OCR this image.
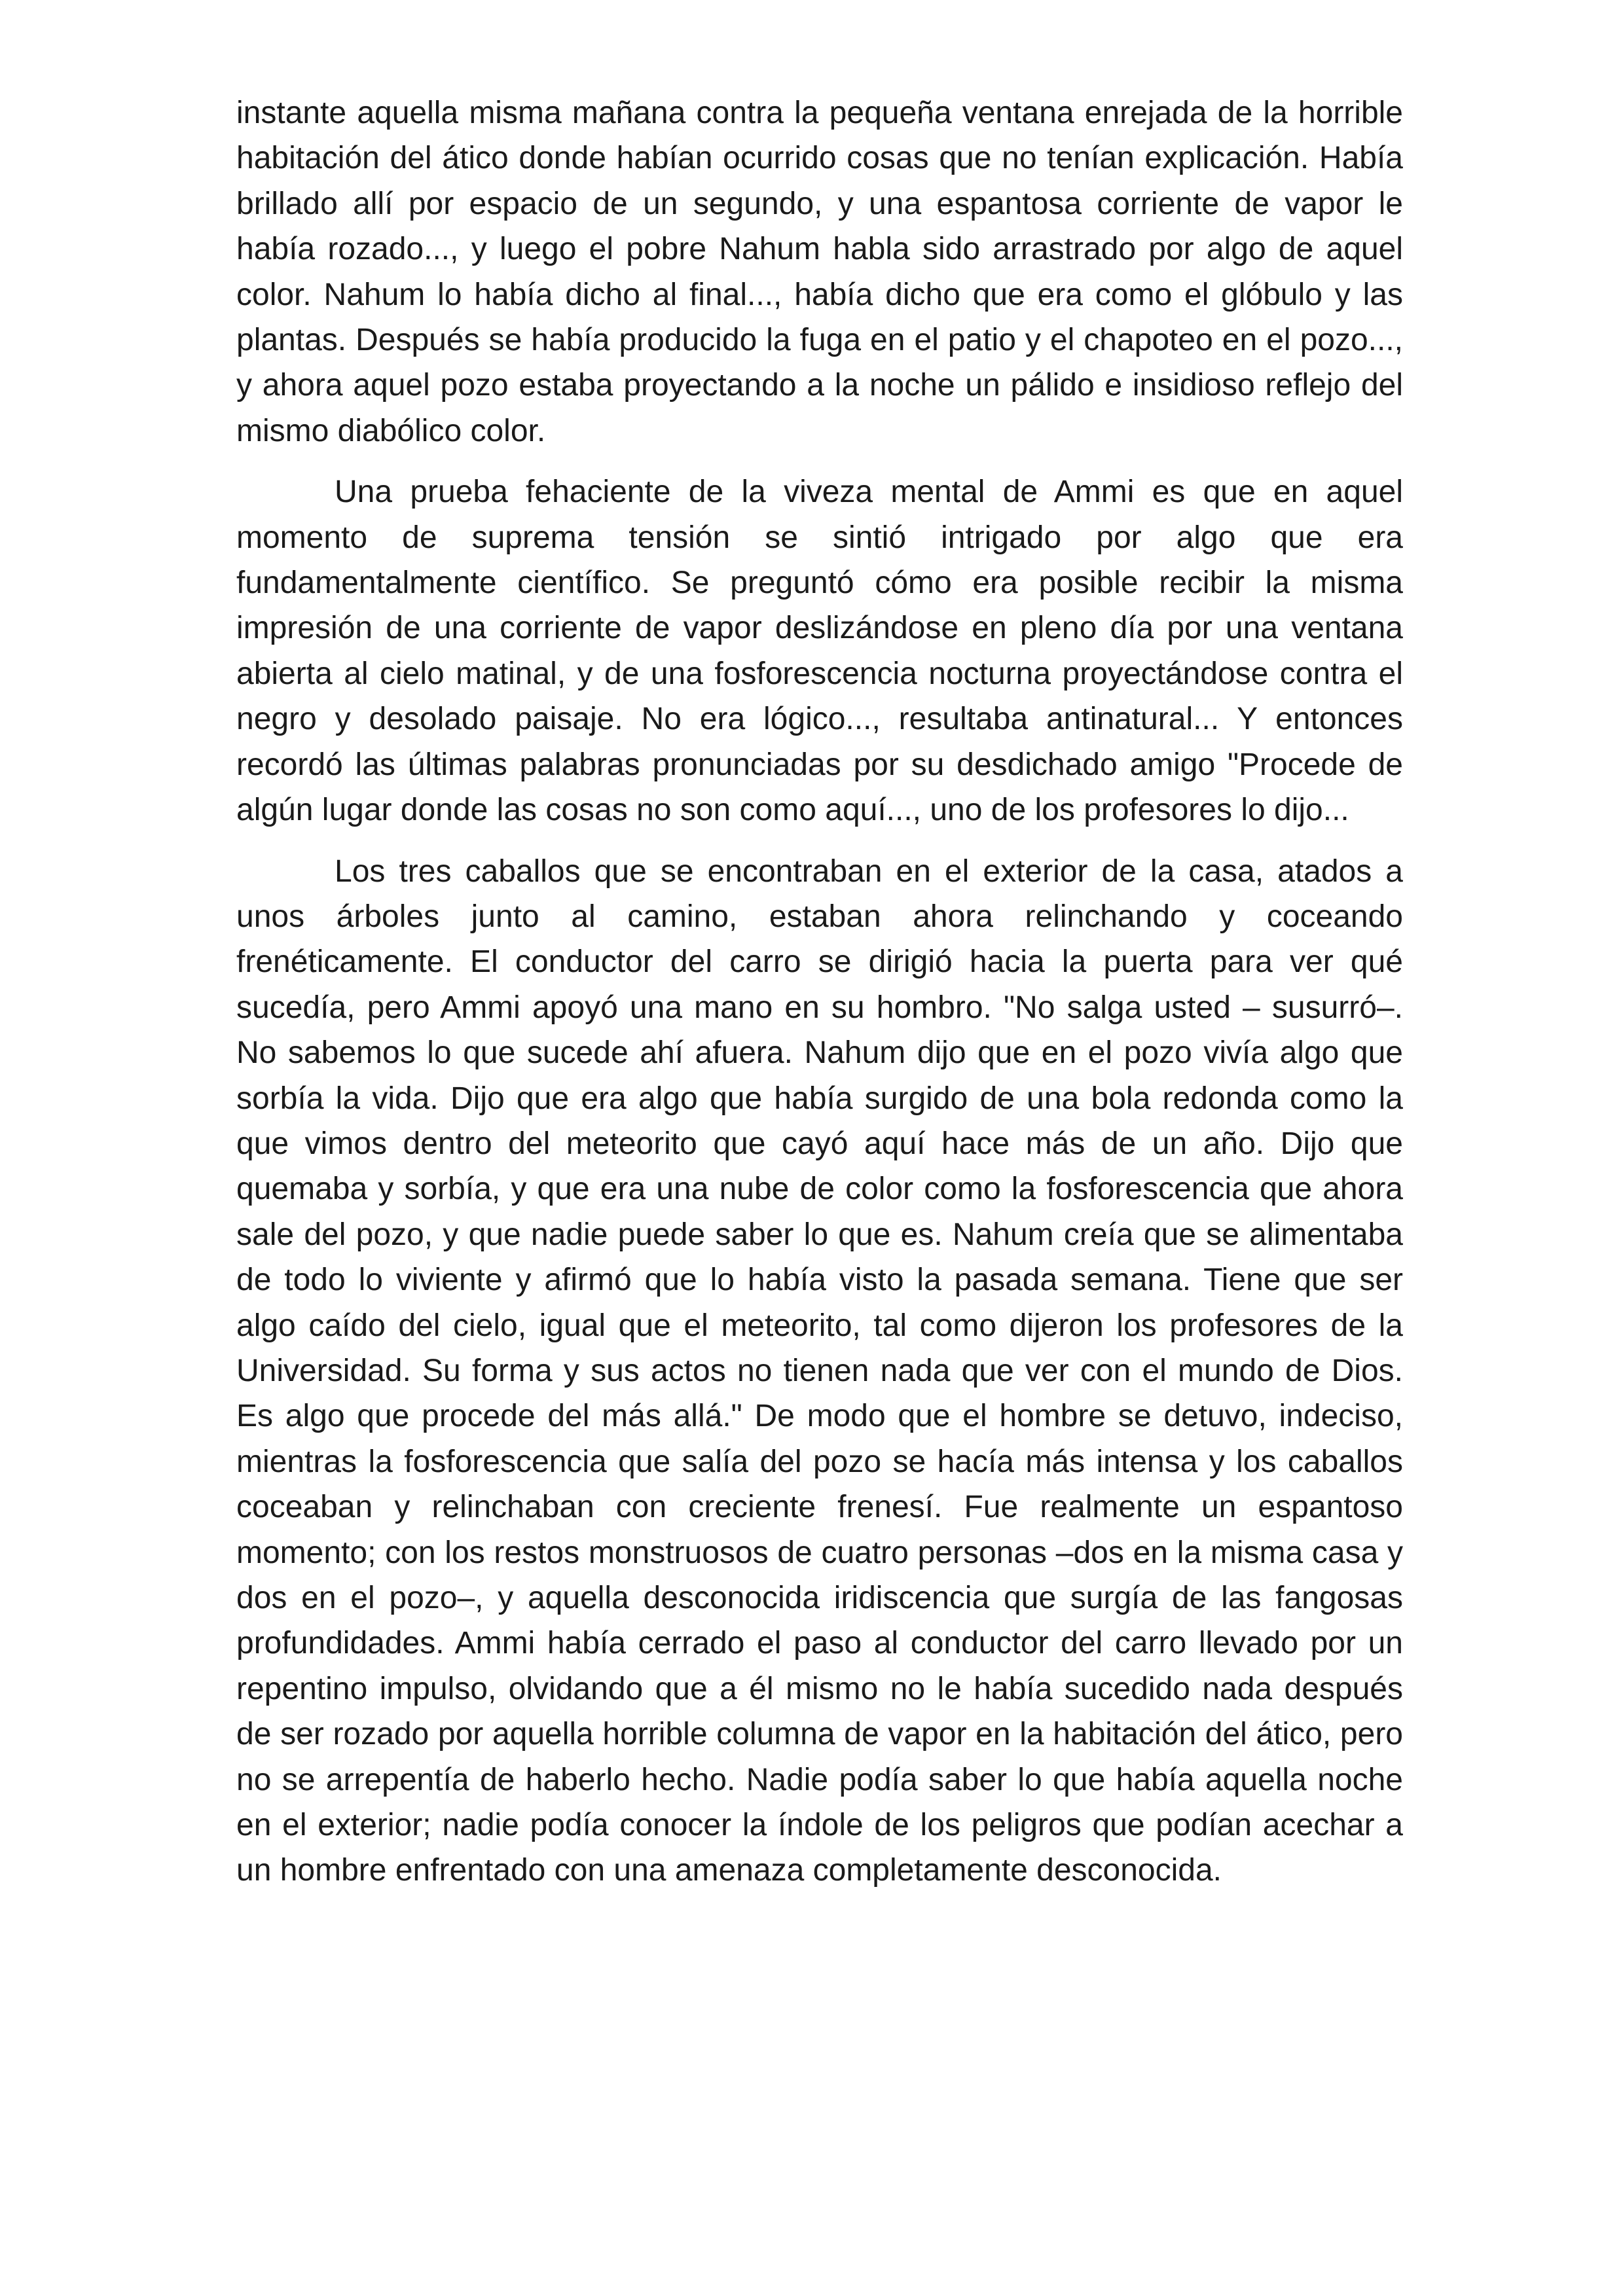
instante aquella misma mañana contra la pequeña ventana enrejada de la horrible habitación del ático donde habían ocurrido cosas que no tenían explicación. Había brillado allí por espacio de un segundo, y una espantosa corriente de vapor le había rozado..., y luego el pobre Nahum habla sido arrastrado por algo de aquel color. Nahum lo había dicho al final..., había dicho que era como el glóbulo y las plantas. Después se había producido la fuga en el patio y el chapoteo en el pozo..., y ahora aquel pozo estaba proyectando a la noche un pálido e insidioso reflejo del mismo diabólico color.

Una prueba fehaciente de la viveza mental de Ammi es que en aquel momento de suprema tensión se sintió intrigado por algo que era fundamentalmente científico. Se preguntó cómo era posible recibir la misma impresión de una corriente de vapor deslizándose en pleno día por una ventana abierta al cielo matinal, y de una fosforescencia nocturna proyectándose contra el negro y desolado paisaje. No era lógico..., resultaba antinatural... Y entonces recordó las últimas palabras pronunciadas por su desdichado amigo "Procede de algún lugar donde las cosas no son como aquí..., uno de los profesores lo dijo...

Los tres caballos que se encontraban en el exterior de la casa, atados a unos árboles junto al camino, estaban ahora relinchando y coceando frenéticamente. El conductor del carro se dirigió hacia la puerta para ver qué sucedía, pero Ammi apoyó una mano en su hombro. "No salga usted – susurró–. No sabemos lo que sucede ahí afuera. Nahum dijo que en el pozo vivía algo que sorbía la vida. Dijo que era algo que había surgido de una bola redonda como la que vimos dentro del meteorito que cayó aquí hace más de un año. Dijo que quemaba y sorbía, y que era una nube de color como la fosforescencia que ahora sale del pozo, y que nadie puede saber lo que es. Nahum creía que se alimentaba de todo lo viviente y afirmó que lo había visto la pasada semana. Tiene que ser algo caído del cielo, igual que el meteorito, tal como dijeron los profesores de la Universidad. Su forma y sus actos no tienen nada que ver con el mundo de Dios. Es algo que procede del más allá." De modo que el hombre se detuvo, indeciso, mientras la fosforescencia que salía del pozo se hacía más intensa y los caballos coceaban y relinchaban con creciente frenesí. Fue realmente un espantoso momento; con los restos monstruosos de cuatro personas –dos en la misma casa y dos en el pozo–, y aquella desconocida iridiscencia que surgía de las fangosas profundidades. Ammi había cerrado el paso al conductor del carro llevado por un repentino impulso, olvidando que a él mismo no le había sucedido nada después de ser rozado por aquella horrible columna de vapor en la habitación del ático, pero no se arrepentía de haberlo hecho. Nadie podía saber lo que había aquella noche en el exterior; nadie podía conocer la índole de los peligros que podían acechar a un hombre enfrentado con una amenaza completamente desconocida.
